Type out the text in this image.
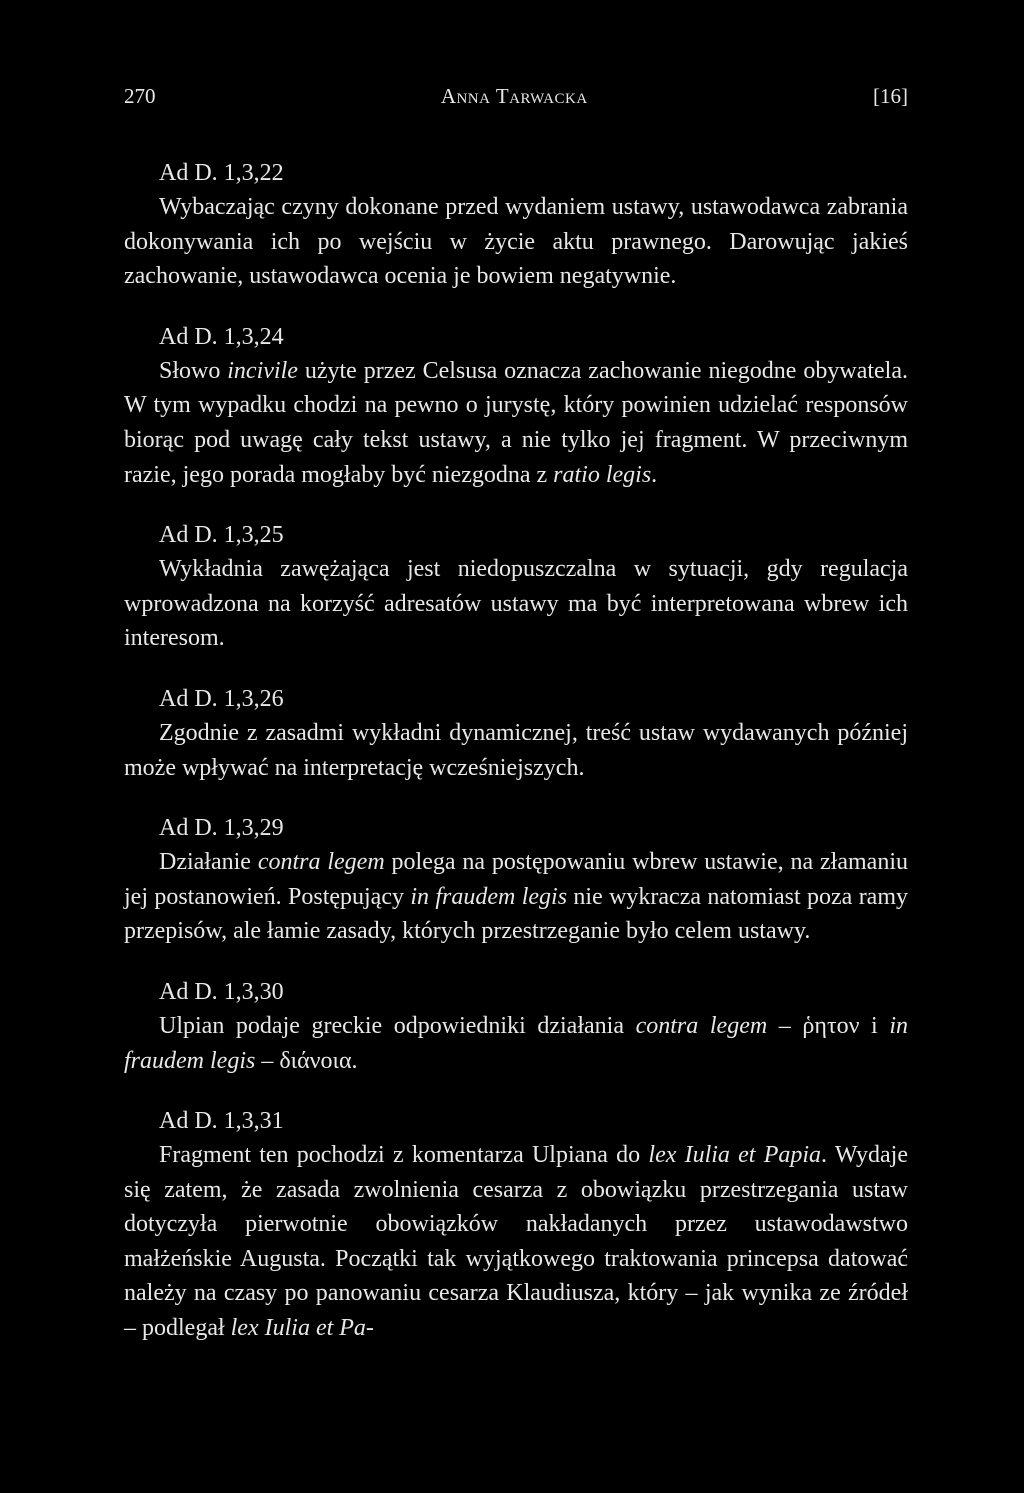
270	Anna Tarwacka	[16]

Ad D. 1,3,22

Wybaczając czyny dokonane przed wydaniem ustawy, ustawodawca zabrania dokonywania ich po wejściu w życie aktu prawnego. Darowując jakieś zachowanie, ustawodawca ocenia je bowiem negatywnie.

Ad D. 1,3,24

Słowo incivile użyte przez Celsusa oznacza zachowanie niegodne obywatela. W tym wypadku chodzi na pewno o jurystę, który powinien udzielać responsów biorąc pod uwagę cały tekst ustawy, a nie tylko jej fragment. W przeciwnym razie, jego porada mogłaby być niezgodna z ratio legis.

Ad D. 1,3,25

Wykładnia zawężająca jest niedopuszczalna w sytuacji, gdy regulacja wprowadzona na korzyść adresatów ustawy ma być interpretowana wbrew ich interesom.

Ad D. 1,3,26

Zgodnie z zasadmi wykładni dynamicznej, treść ustaw wydawanych później może wpływać na interpretację wcześniejszych.

Ad D. 1,3,29

Działanie contra legem polega na postępowaniu wbrew ustawie, na złamaniu jej postanowień. Postępujący in fraudem legis nie wykracza natomiast poza ramy przepisów, ale łamie zasady, których przestrzeganie było celem ustawy.

Ad D. 1,3,30

Ulpian podaje greckie odpowiedniki działania contra legem – ῥητον i in fraudem legis – διάνοια.

Ad D. 1,3,31

Fragment ten pochodzi z komentarza Ulpiana do lex Iulia et Papia. Wydaje się zatem, że zasada zwolnienia cesarza z obowiązku przestrzegania ustaw dotyczyła pierwotnie obowiązków nakładanych przez ustawodawstwo małżeńskie Augusta. Początki tak wyjątkowego traktowania princepsa datować należy na czasy po panowaniu cesarza Klaudiusza, który – jak wynika ze źródeł – podlegał lex Iulia et Pa-
